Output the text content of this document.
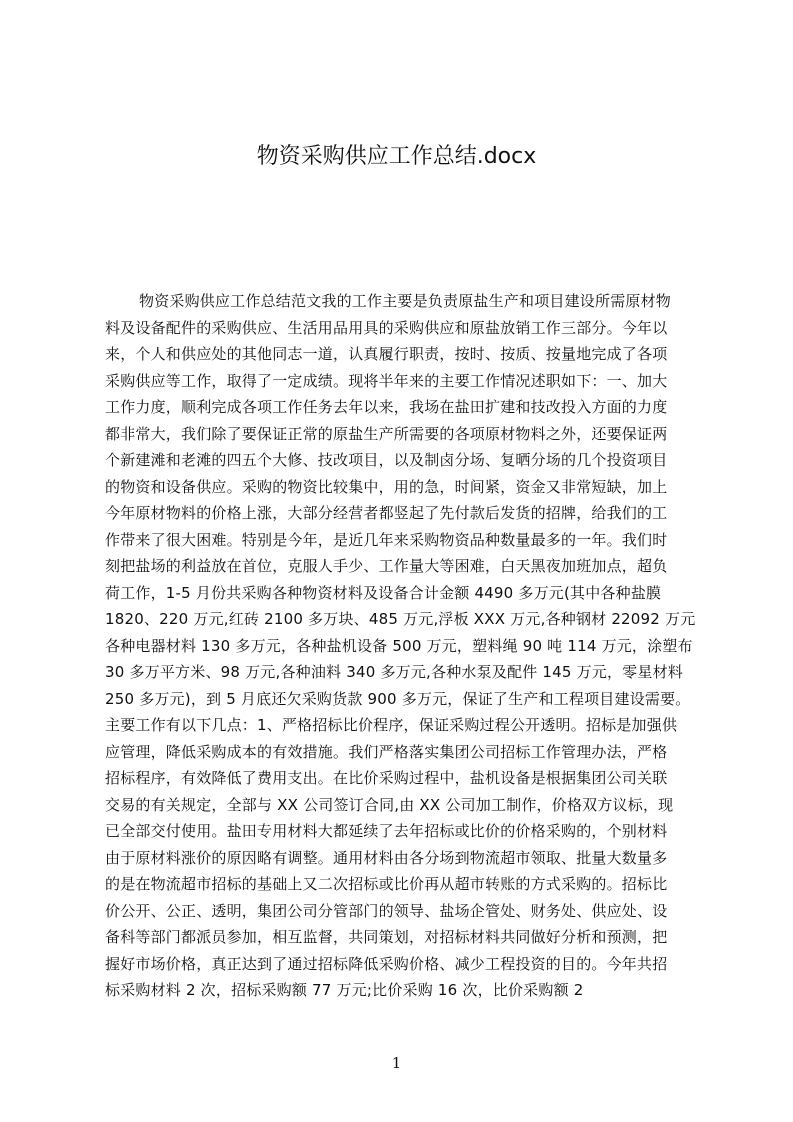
物资采购供应工作总结.docx
物资采购供应工作总结范文我的工作主要是负责原盐生产和项目建设所需原材物
料及设备配件的采购供应、生活用品用具的采购供应和原盐放销工作三部分。今年以
来，个人和供应处的其他同志一道，认真履行职责，按时、按质、按量地完成了各项
采购供应等工作，取得了一定成绩。现将半年来的主要工作情况述职如下：一、加大
工作力度，顺利完成各项工作任务去年以来，我场在盐田扩建和技改投入方面的力度
都非常大，我们除了要保证正常的原盐生产所需要的各项原材物料之外，还要保证两
个新建滩和老滩的四五个大修、技改项目，以及制卤分场、复晒分场的几个投资项目
的物资和设备供应。采购的物资比较集中，用的急，时间紧，资金又非常短缺，加上
今年原材物料的价格上涨，大部分经营者都竖起了先付款后发货的招牌，给我们的工
作带来了很大困难。特别是今年，是近几年来采购物资品种数量最多的一年。我们时
刻把盐场的利益放在首位，克服人手少、工作量大等困难，白天黑夜加班加点，超负
荷工作，1-5 月份共采购各种物资材料及设备合计金额 4490 多万元(其中各种盐膜
1820、220 万元,红砖 2100 多万块、485 万元,浮板 XXX 万元,各种钢材 22092 万元
各种电器材料 130 多万元，各种盐机设备 500 万元，塑料绳 90 吨 114 万元，涂塑布
30 多万平方米、98 万元,各种油料 340 多万元,各种水泵及配件 145 万元，零星材料
250 多万元)，到 5 月底还欠采购货款 900 多万元，保证了生产和工程项目建设需要。
主要工作有以下几点：1、严格招标比价程序，保证采购过程公开透明。招标是加强供
应管理，降低采购成本的有效措施。我们严格落实集团公司招标工作管理办法，严格
招标程序，有效降低了费用支出。在比价采购过程中，盐机设备是根据集团公司关联
交易的有关规定，全部与 XX 公司签订合同,由 XX 公司加工制作，价格双方议标，现
已全部交付使用。盐田专用材料大都延续了去年招标或比价的价格采购的，个别材料
由于原材料涨价的原因略有调整。通用材料由各分场到物流超市领取、批量大数量多
的是在物流超市招标的基础上又二次招标或比价再从超市转账的方式采购的。招标比
价公开、公正、透明，集团公司分管部门的领导、盐场企管处、财务处、供应处、设
备科等部门都派员参加，相互监督，共同策划，对招标材料共同做好分析和预测，把
握好市场价格，真正达到了通过招标降低采购价格、减少工程投资的目的。今年共招
标采购材料 2 次，招标采购额 77 万元;比价采购 16 次，比价采购额 2
1
